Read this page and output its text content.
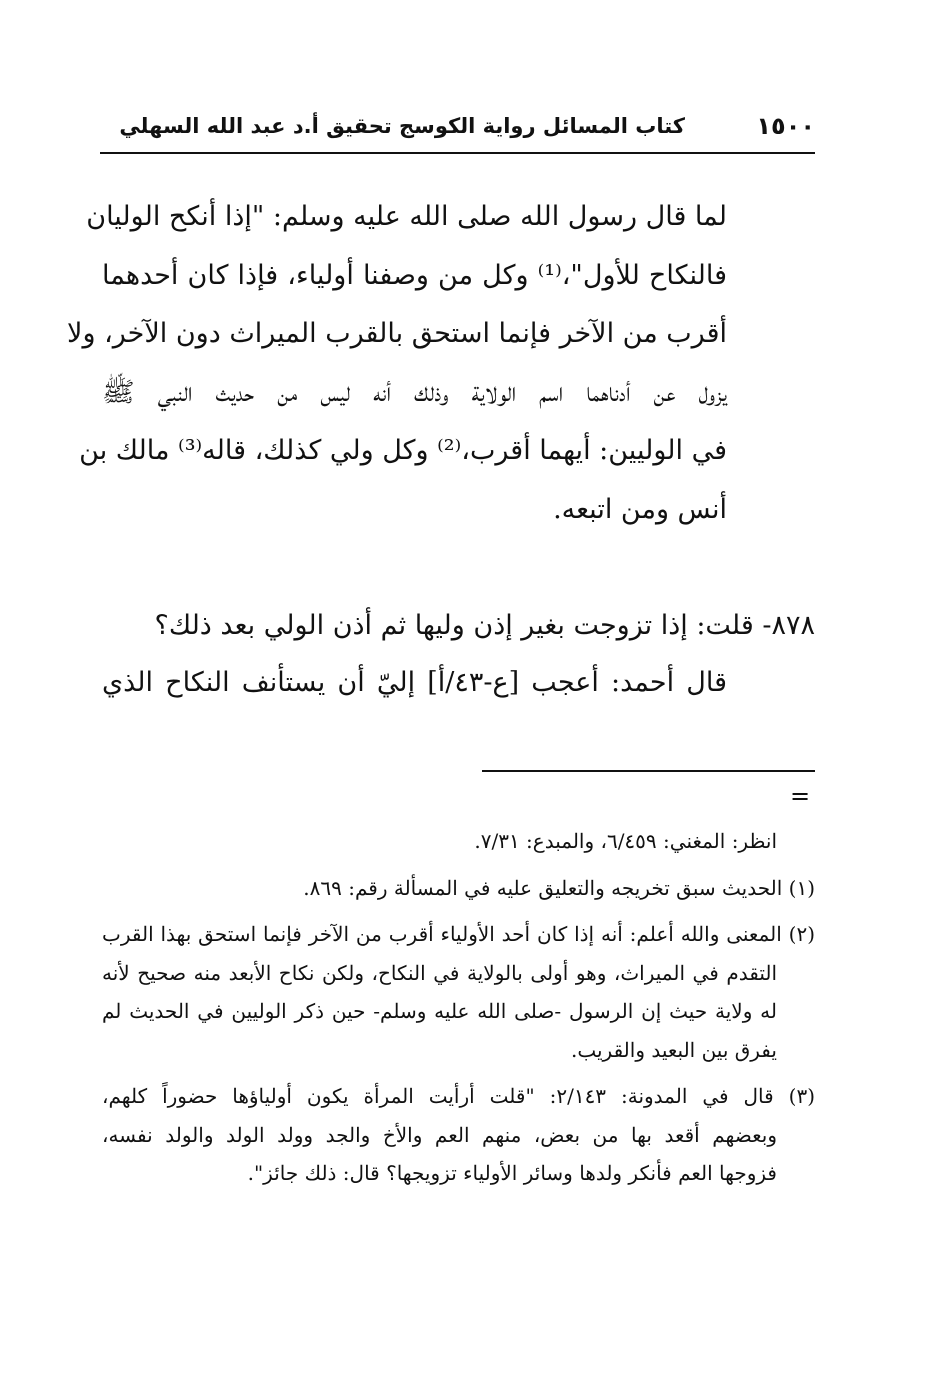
١٥٠٠
كتاب المسائل رواية الكوسج تحقيق أ.د عبد الله السهلي
لما قال رسول الله صلى الله عليه وسلم: "إذا أنكح الوليان
فالنكاح للأول"،⁽¹⁾ وكل من وصفنا أولياء، فإذا كان أحدهما
أقرب من الآخر فإنما استحق بالقرب الميراث دون الآخر، ولا
يزول عن أدناهما اسم الولاية وذلك أنه ليس من حديث النبي ﷺ
في الوليين: أيهما أقرب،⁽²⁾ وكل ولي كذلك، قاله⁽³⁾ مالك بن
أنس ومن اتبعه.
٨٧٨- قلت: إذا تزوجت بغير إذن وليها ثم أذن الولي بعد ذلك؟
قال أحمد: أعجب [ع-٤٣/أ] إليّ أن يستأنف النكاح الذي
=
انظر: المغني: ٦/٤٥٩، والمبدع: ٧/٣١.
(١) الحديث سبق تخريجه والتعليق عليه في المسألة رقم: ٨٦٩.
(٢) المعنى والله أعلم: أنه إذا كان أحد الأولياء أقرب من الآخر فإنما استحق بهذا القرب
التقدم في الميراث، وهو أولى بالولاية في النكاح، ولكن نكاح الأبعد منه صحيح لأنه
له ولاية حيث إن الرسول -صلى الله عليه وسلم- حين ذكر الوليين في الحديث لم
يفرق بين البعيد والقريب.
(٣) قال في المدونة: ٢/١٤٣: "قلت أرأيت المرأة يكون أولياؤها حضوراً كلهم،
وبعضهم أقعد بها من بعض، منهم العم والأخ والجد وولد الولد والولد نفسه،
فزوجها العم فأنكر ولدها وسائر الأولياء تزويجها؟ قال: ذلك جائز".
